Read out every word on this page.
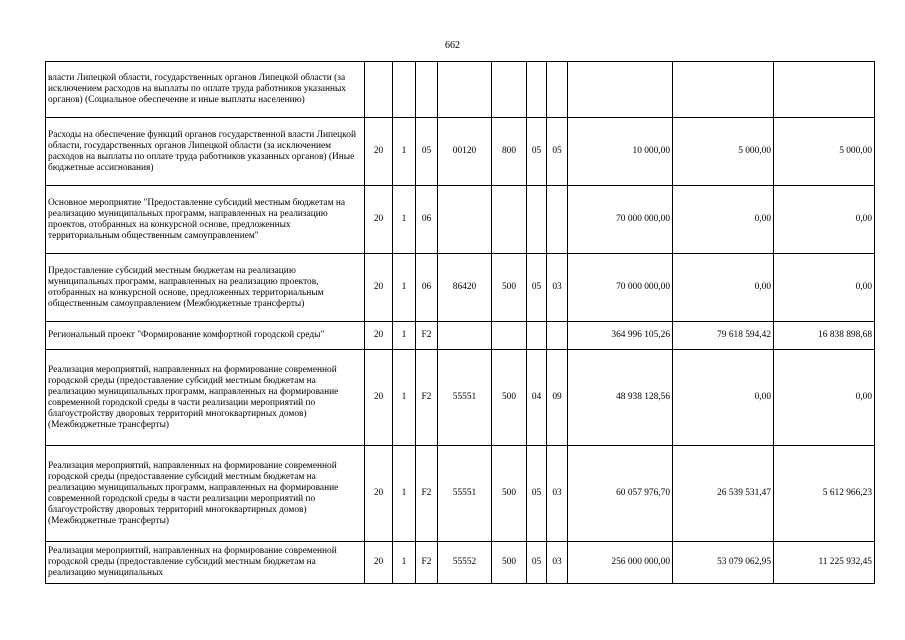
662
власти Липецкой области, государственных органов Липецкой области (за исключением расходов на выплаты по оплате труда работников указанных органов) (Социальное обеспечение и иные выплаты населению)										
Расходы на обеспечение функций органов государственной власти Липецкой области, государственных органов Липецкой области (за исключением расходов на выплаты по оплате труда работников указанных органов) (Иные бюджетные ассигнования)	20	1	05	00120	800	05	05	10 000,00	5 000,00	5 000,00
Основное мероприятие "Предоставление субсидий местным бюджетам на реализацию муниципальных программ, направленных на реализацию проектов, отобранных на конкурсной основе, предложенных территориальным общественным самоуправлением"	20	1	06					70 000 000,00	0,00	0,00
Предоставление субсидий местным бюджетам на реализацию муниципальных программ, направленных на реализацию проектов, отобранных на конкурсной основе, предложенных территориальным общественным самоуправлением (Межбюджетные трансферты)	20	1	06	86420	500	05	03	70 000 000,00	0,00	0,00
Региональный проект "Формирование комфортной городской среды"	20	1	F2					364 996 105,26	79 618 594,42	16 838 898,68
Реализация мероприятий, направленных на формирование современной городской среды (предоставление субсидий местным бюджетам на реализацию муниципальных программ, направленных на формирование современной городской среды в части реализации мероприятий по благоустройству дворовых территорий многоквартирных домов) (Межбюджетные трансферты)	20	1	F2	55551	500	04	09	48 938 128,56	0,00	0,00
Реализация мероприятий, направленных на формирование современной городской среды (предоставление субсидий местным бюджетам на реализацию муниципальных программ, направленных на формирование современной городской среды в части реализации мероприятий по благоустройству дворовых территорий многоквартирных домов) (Межбюджетные трансферты)	20	1	F2	55551	500	05	03	60 057 976,70	26 539 531,47	5 612 966,23
Реализация мероприятий, направленных на формирование современной городской среды (предоставление субсидий местным бюджетам на реализацию муниципальных	20	1	F2	55552	500	05	03	256 000 000,00	53 079 062,95	11 225 932,45
